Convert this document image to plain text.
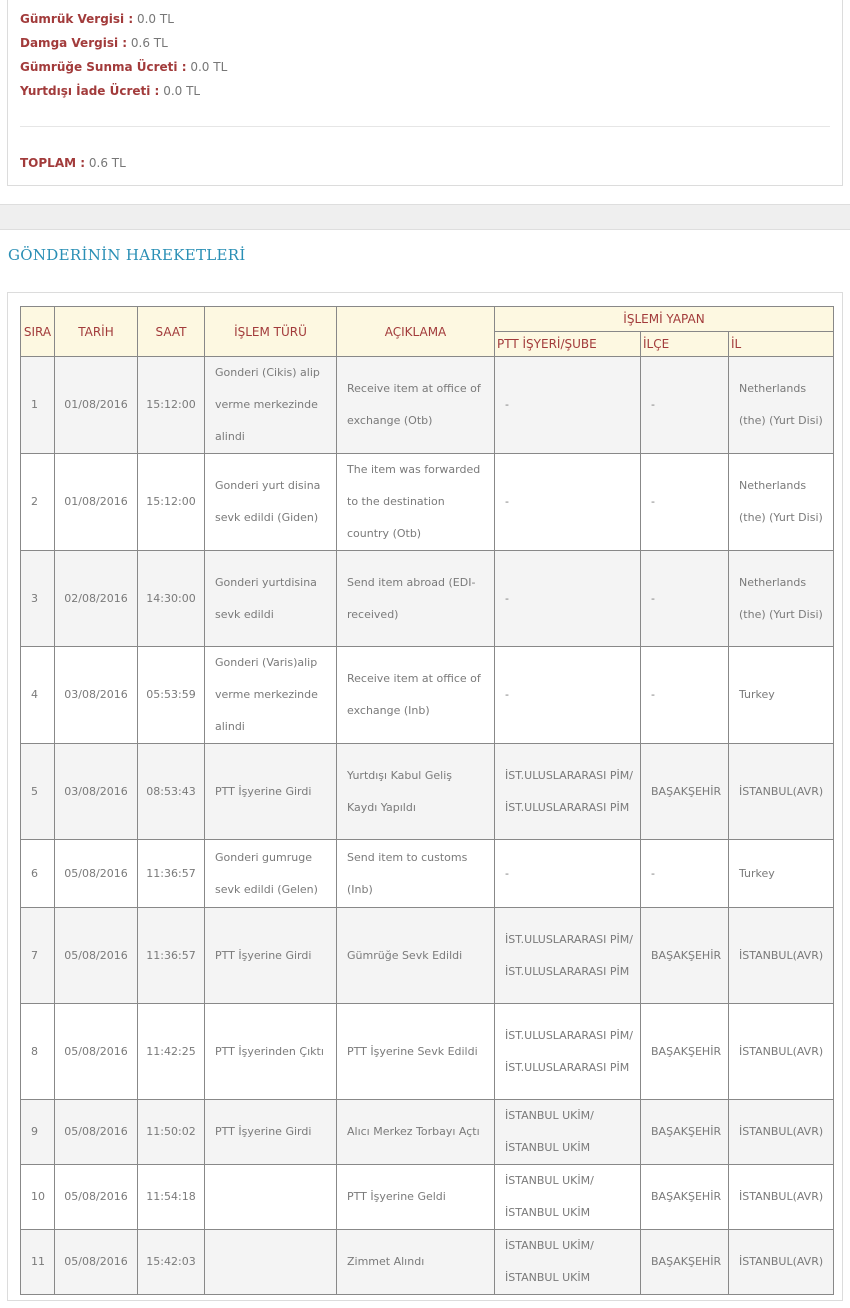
Gümrük Vergisi : 0.0 TL
Damga Vergisi : 0.6 TL
Gümrüğe Sunma Ücreti : 0.0 TL
Yurtdışı İade Ücreti : 0.0 TL
TOPLAM : 0.6 TL
GÖNDERİNİN HAREKETLERİ
SIRA	TARİH	SAAT	İŞLEM TÜRÜ	AÇIKLAMA	İŞLEMİ YAPAN		
					PTT İŞYERİ/ŞUBE	İLÇE	İL
1	01/08/2016	15:12:00	Gonderi (Cikis) alip verme merkezinde alindi	Receive item at office of exchange (Otb)	-	-	Netherlands (the) (Yurt Disi)
2	01/08/2016	15:12:00	Gonderi yurt disina sevk edildi (Giden)	The item was forwarded to the destination country (Otb)	-	-	Netherlands (the) (Yurt Disi)
3	02/08/2016	14:30:00	Gonderi yurtdisina sevk edildi	Send item abroad (EDI-received)	-	-	Netherlands (the) (Yurt Disi)
4	03/08/2016	05:53:59	Gonderi (Varis)alip verme merkezinde alindi	Receive item at office of exchange (Inb)	-	-	Turkey
5	03/08/2016	08:53:43	PTT İşyerine Girdi	Yurtdışı Kabul Geliş Kaydı Yapıldı	İST.ULUSLARARASI PİM/İST.ULUSLARARASI PİM	BAŞAKŞEHİR	İSTANBUL(AVR)
6	05/08/2016	11:36:57	Gonderi gumruge sevk edildi (Gelen)	Send item to customs (Inb)	-	-	Turkey
7	05/08/2016	11:36:57	PTT İşyerine Girdi	Gümrüğe Sevk Edildi	İST.ULUSLARARASI PİM/İST.ULUSLARARASI PİM	BAŞAKŞEHİR	İSTANBUL(AVR)
8	05/08/2016	11:42:25	PTT İşyerinden Çıktı	PTT İşyerine Sevk Edildi	İST.ULUSLARARASI PİM/İST.ULUSLARARASI PİM	BAŞAKŞEHİR	İSTANBUL(AVR)
9	05/08/2016	11:50:02	PTT İşyerine Girdi	Alıcı Merkez Torbayı Açtı	İSTANBUL UKİM/İSTANBUL UKİM	BAŞAKŞEHİR	İSTANBUL(AVR)
10	05/08/2016	11:54:18		PTT İşyerine Geldi	İSTANBUL UKİM/İSTANBUL UKİM	BAŞAKŞEHİR	İSTANBUL(AVR)
11	05/08/2016	15:42:03		Zimmet Alındı	İSTANBUL UKİM/İSTANBUL UKİM	BAŞAKŞEHİR	İSTANBUL(AVR)
